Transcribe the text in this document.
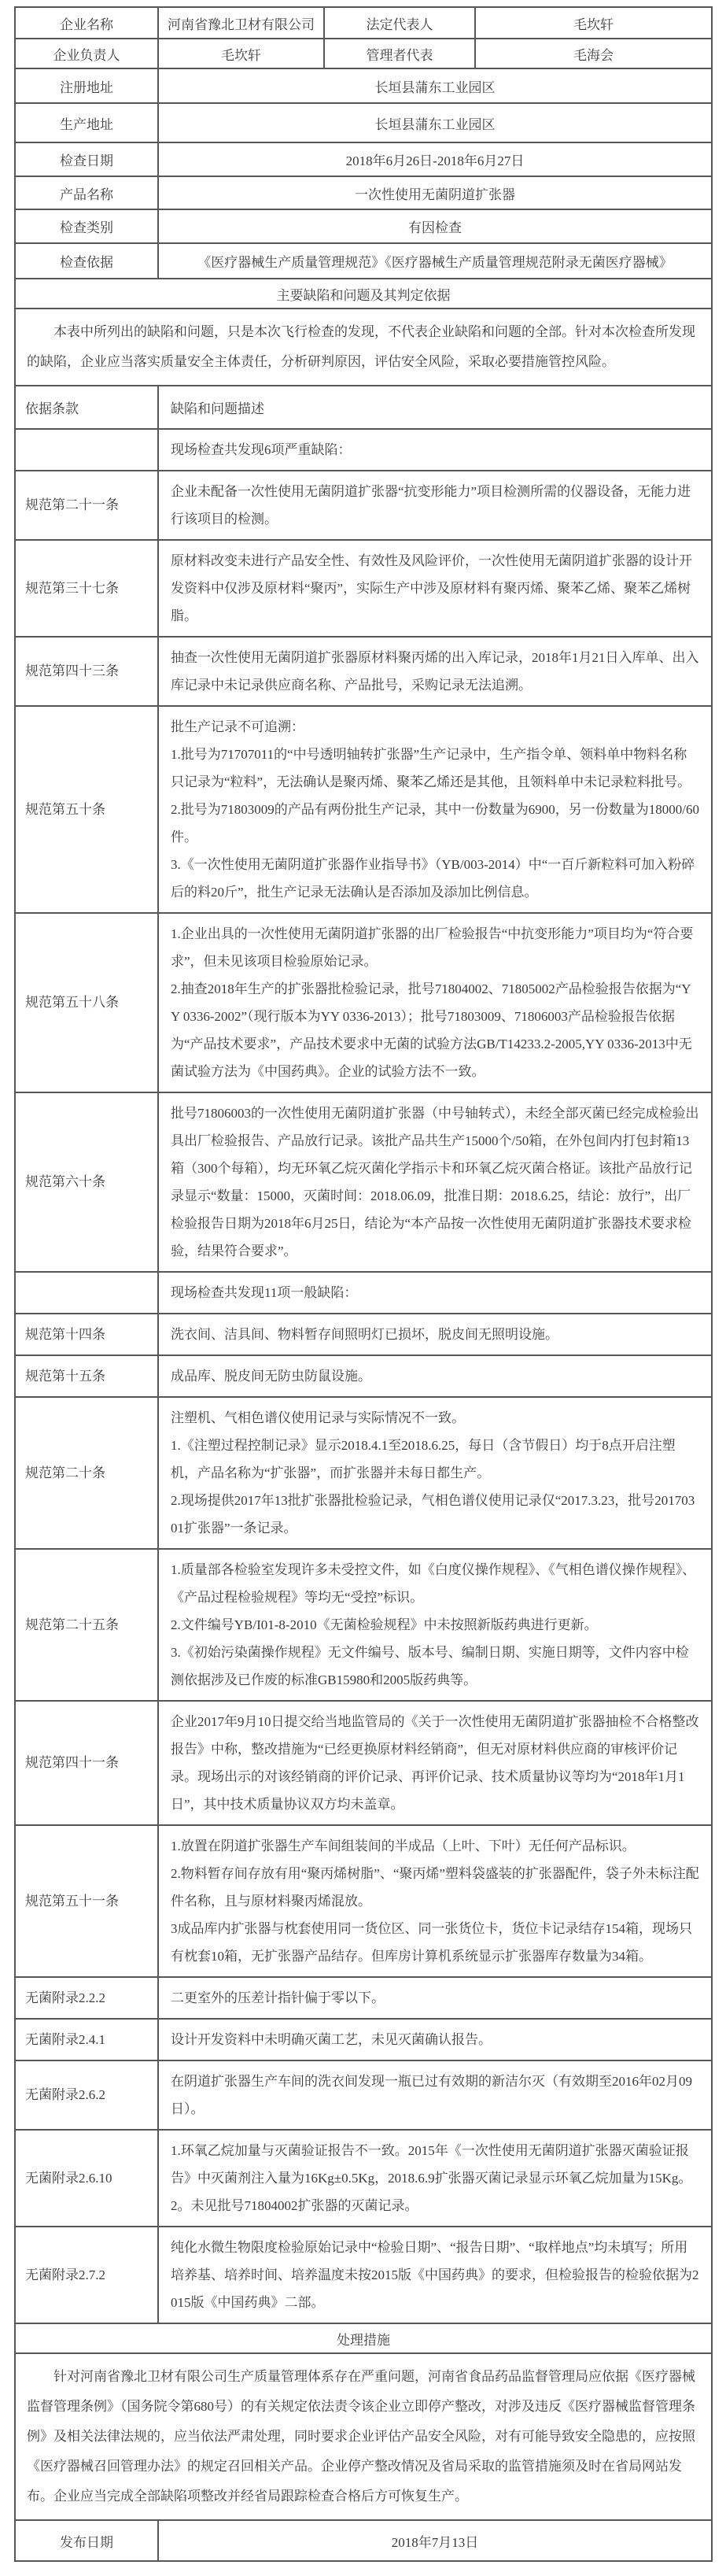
企业名称	河南省豫北卫材有限公司	法定代表人	毛坎轩
企业负责人	毛坎轩	管理者代表	毛海会
注册地址	长垣县蒲东工业园区		
生产地址	长垣县蒲东工业园区		
检查日期	2018年6月26日-2018年6月27日		
产品名称	一次性使用无菌阴道扩张器		
检查类别	有因检查		
检查依据	《医疗器械生产质量管理规范》《医疗器械生产质量管理规范附录无菌医疗器械》		
主要缺陷和问题及其判定依据			
本表中所列出的缺陷和问题，只是本次飞行检查的发现，不代表企业缺陷和问题的全部。针对本次检查所发现的缺陷，企业应当落实质量安全主体责任，分析研判原因，评估安全风险，采取必要措施管控风险。			
依据条款	缺陷和问题描述		

	现场检查共发现6项严重缺陷：		

规范第二十一条	企业未配备一次性使用无菌阴道扩张器“抗变形能力”项目检测所需的仪器设备，无能力进行该项目的检测。		

规范第三十七条	原材料改变未进行产品安全性、有效性及风险评价，一次性使用无菌阴道扩张器的设计开发资料中仅涉及原材料“聚丙”，实际生产中涉及原材料有聚丙烯、聚苯乙烯、聚苯乙烯树脂。		

规范第四十三条	抽查一次性使用无菌阴道扩张器原材料聚丙烯的出入库记录，2018年1月21日入库单、出入库记录中未记录供应商名称、产品批号，采购记录无法追溯。		

规范第五十条	批生产记录不可追溯：

1.批号为71707011的“中号透明轴转扩张器”生产记录中，生产指令单、领料单中物料名称只记录为“粒料”，无法确认是聚丙烯、聚苯乙烯还是其他，且领料单中未记录粒料批号。

2.批号为71803009的产品有两份批生产记录，其中一份数量为6900，另一份数量为18000/60件。

3.《一次性使用无菌阴道扩张器作业指导书》（YB/003-2014）中“一百斤新粒料可加入粉碎后的料20斤”，批生产记录无法确认是否添加及添加比例信息。		

规范第五十八条	1.企业出具的一次性使用无菌阴道扩张器的出厂检验报告“中抗变形能力”项目均为“符合要求”，但未见该项目检验原始记录。

2.抽查2018年生产的扩张器批检验记录，批号71804002、71805002产品检验报告依据为“YY 0336-2002”（现行版本为YY 0336-2013）；批号71803009、71806003产品检验报告依据为“产品技术要求”，产品技术要求中无菌的试验方法GB/T14233.2-2005,YY 0336-2013中无菌试验方法为《中国药典》。企业的试验方法不一致。		

规范第六十条	批号71806003的一次性使用无菌阴道扩张器（中号轴转式），未经全部灭菌已经完成检验出具出厂检验报告、产品放行记录。该批产品共生产15000个/50箱，在外包间内打包封箱13箱（300个每箱），均无环氧乙烷灭菌化学指示卡和环氧乙烷灭菌合格证。该批产品放行记录显示“数量：15000，灭菌时间：2018.06.09，批准日期：2018.6.25，结论：放行”，出厂检验报告日期为2018年6月25日，结论为“本产品按一次性使用无菌阴道扩张器技术要求检验，结果符合要求”。		

	现场检查共发现11项一般缺陷：		

规范第十四条	洗衣间、洁具间、物料暂存间照明灯已损坏，脱皮间无照明设施。		

规范第十五条	成品库、脱皮间无防虫防鼠设施。		

规范第二十条	注塑机、气相色谱仪使用记录与实际情况不一致。

1.《注塑过程控制记录》显示2018.4.1至2018.6.25，每日（含节假日）均于8点开启注塑机，产品名称为“扩张器”，而扩张器并未每日都生产。

2.现场提供2017年13批扩张器批检验记录，气相色谱仪使用记录仅“2017.3.23，批号20170301扩张器”一条记录。		

规范第二十五条	1.质量部各检验室发现许多未受控文件，如《白度仪操作规程》、《气相色谱仪操作规程》、《产品过程检验规程》等均无“受控”标识。

2.文件编号YB/I01-8-2010《无菌检验规程》中未按照新版药典进行更新。

3.《初始污染菌操作规程》无文件编号、版本号、编制日期、实施日期等，文件内容中检测依据涉及已作废的标准GB15980和2005版药典等。		

规范第四十一条	企业2017年9月10日提交给当地监管局的《关于一次性使用无菌阴道扩张器抽检不合格整改报告》中称，整改措施为“已经更换原材料经销商”，但无对原材料供应商的审核评价记录。现场出示的对该经销商的评价记录、再评价记录、技术质量协议等均为“2018年1月1日”，其中技术质量协议双方均未盖章。		

规范第五十一条	1.放置在阴道扩张器生产车间组装间的半成品（上叶、下叶）无任何产品标识。

2.物料暂存间存放有用“聚丙烯树脂”、“聚丙烯”塑料袋盛装的扩张器配件，袋子外未标注配件名称，且与原材料聚丙烯混放。

3成品库内扩张器与枕套使用同一货位区、同一张货位卡，货位卡记录结存154箱，现场只有枕套10箱，无扩张器产品结存。但库房计算机系统显示扩张器库存数量为34箱。		

无菌附录2.2.2	二更室外的压差计指针偏于零以下。		

无菌附录2.4.1	设计开发资料中未明确灭菌工艺，未见灭菌确认报告。		

无菌附录2.6.2	在阴道扩张器生产车间的洗衣间发现一瓶已过有效期的新洁尔灭（有效期至2016年02月09日）。		

无菌附录2.6.10	1.环氧乙烷加量与灭菌验证报告不一致。2015年《一次性使用无菌阴道扩张器灭菌验证报告》中灭菌剂注入量为16Kg±0.5Kg，2018.6.9扩张器灭菌记录显示环氧乙烷加量为15Kg。

2。未见批号71804002扩张器的灭菌记录。		

无菌附录2.7.2	纯化水微生物限度检验原始记录中“检验日期”、“报告日期”、“取样地点”均未填写；所用培养基、培养时间、培养温度未按2015版《中国药典》的要求，但检验报告的检验依据为2015版《中国药典》二部。		

处理措施			
针对河南省豫北卫材有限公司生产质量管理体系存在严重问题，河南省食品药品监督管理局应依据《医疗器械监督管理条例》（国务院令第680号）的有关规定依法责令该企业立即停产整改，对涉及违反《医疗器械监督管理条例》及相关法律法规的，应当依法严肃处理，同时要求企业评估产品安全风险，对有可能导致安全隐患的，应按照《医疗器械召回管理办法》的规定召回相关产品。企业停产整改情况及省局采取的监管措施须及时在省局网站发布。企业应当完成全部缺陷项整改并经省局跟踪检查合格后方可恢复生产。			
发布日期	2018年7月13日		
